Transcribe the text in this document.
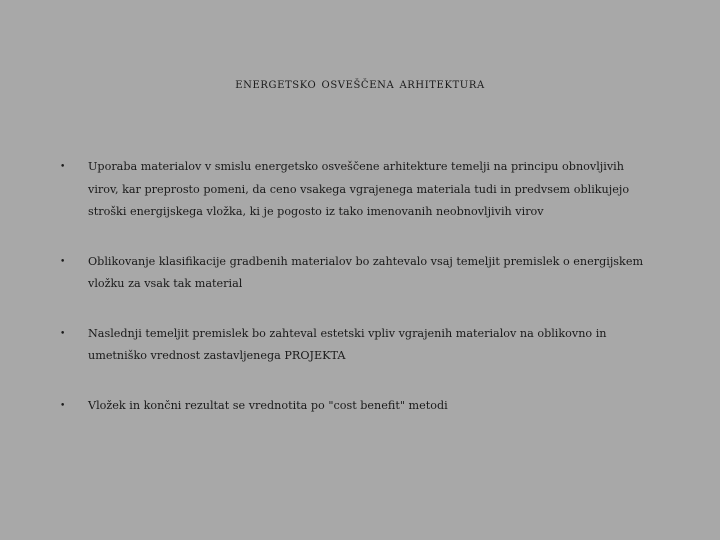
energetsko osveščena arhitektura
• Uporaba materialov v smislu energetsko osveščene arhitekture temelji na principu obnovljivih virov, kar preprosto pomeni, da ceno vsakega vgrajenega materiala tudi in predvsem oblikujejo stroški energijskega vložka, ki je pogosto iz tako imenovanih neobnovljivih virov
• Oblikovanje klasifikacije gradbenih materialov bo zahtevalo vsaj temeljit premislek o energijskem vložku za vsak tak material
• Naslednji temeljit premislek bo zahteval estetski vpliv vgrajenih materialov na oblikovno in umetniško vrednost zastavljenega PROJEKTA
• Vložek in končni rezultat se vrednotita po "cost benefit" metodi
